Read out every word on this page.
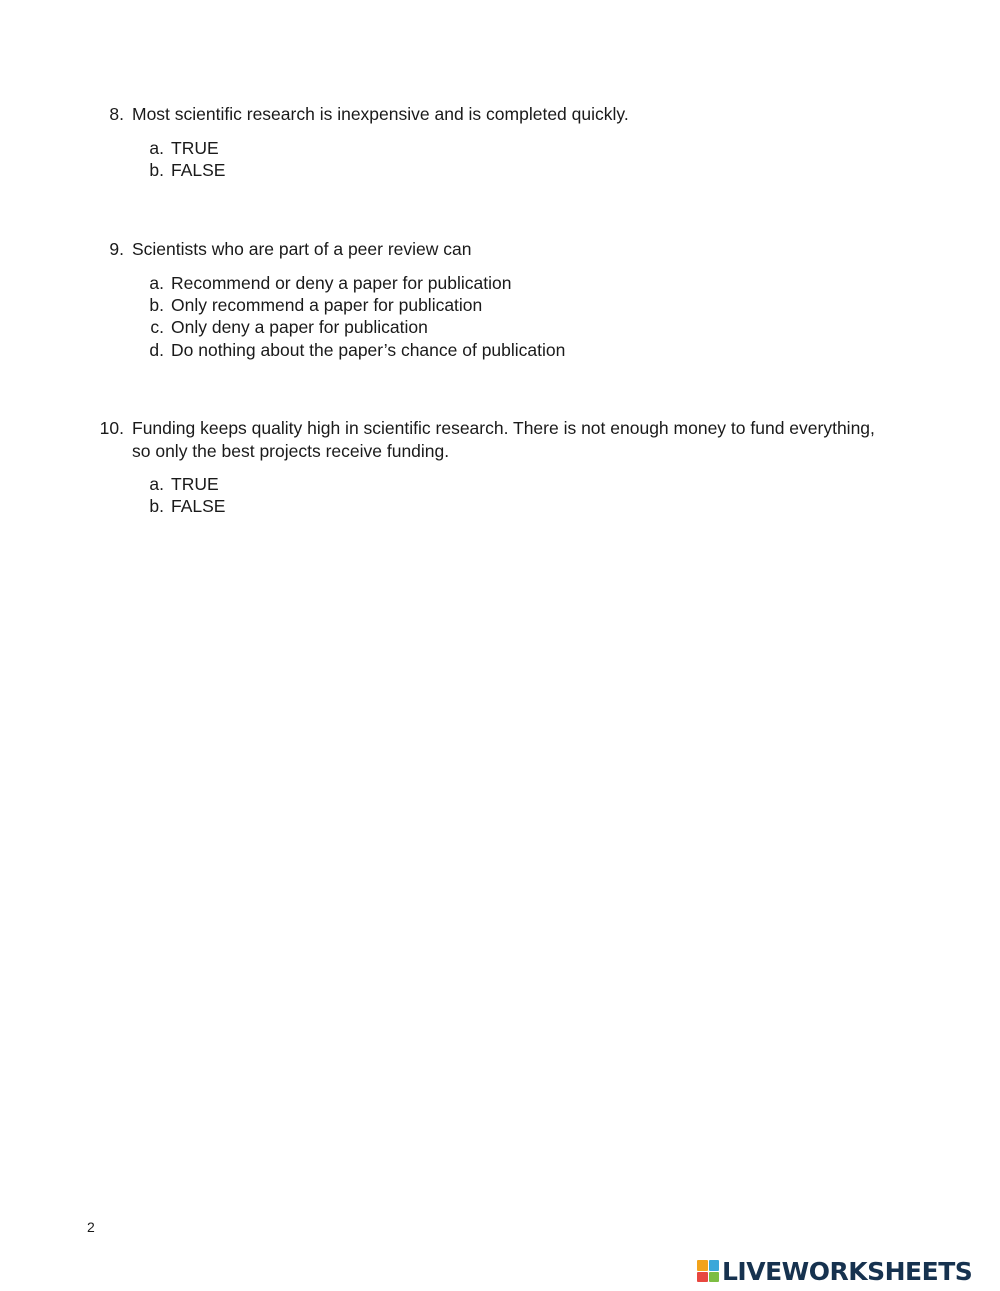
8. Most scientific research is inexpensive and is completed quickly.
a. TRUE
b. FALSE
9. Scientists who are part of a peer review can
a. Recommend or deny a paper for publication
b. Only recommend a paper for publication
c. Only deny a paper for publication
d. Do nothing about the paper’s chance of publication
10. Funding keeps quality high in scientific research. There is not enough money to fund everything,
so only the best projects receive funding.
a. TRUE
b. FALSE
2
LIVEWORKSHEETS
